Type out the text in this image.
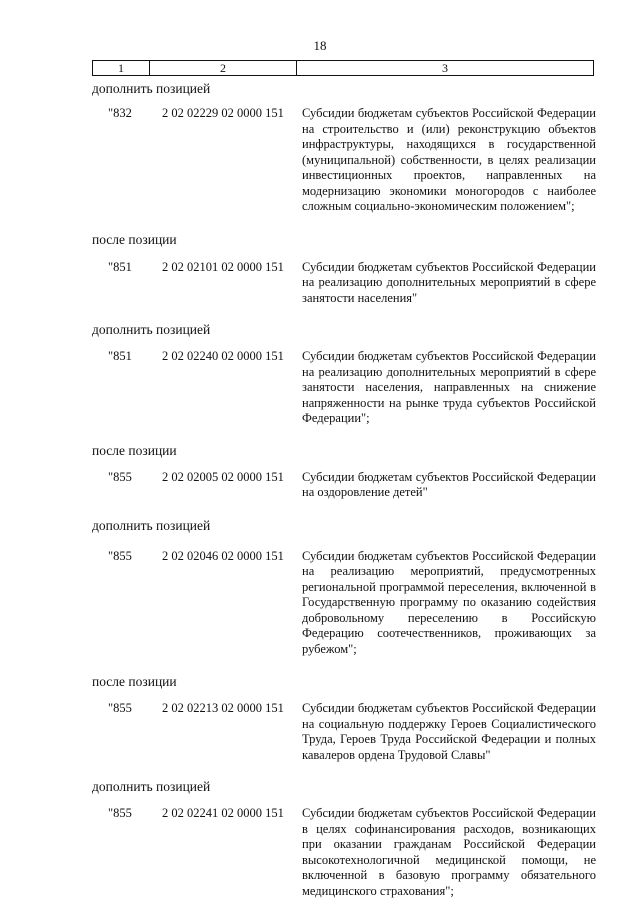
18
1	2	3

дополнить позицией

"832	2 02 02229 02 0000 151	Субсидии бюджетам субъектов Российской Федерации на строительство и (или) реконструкцию объектов инфраструктуры, находящихся в государственной (муниципальной) собственности, в целях реализации инвестиционных проектов, направленных на модернизацию экономики моногородов с наиболее сложным социально-экономическим положением";

после позиции

"851	2 02 02101 02 0000 151	Субсидии бюджетам субъектов Российской Федерации на реализацию дополнительных мероприятий в сфере занятости населения"

дополнить позицией

"851	2 02 02240 02 0000 151	Субсидии бюджетам субъектов Российской Федерации на реализацию дополнительных мероприятий в сфере занятости населения, направленных на снижение напряженности на рынке труда субъектов Российской Федерации";

после позиции

"855	2 02 02005 02 0000 151	Субсидии бюджетам субъектов Российской Федерации на оздоровление детей"

дополнить позицией

"855	2 02 02046 02 0000 151	Субсидии бюджетам субъектов Российской Федерации на реализацию мероприятий, предусмотренных региональной программой переселения, включенной в Государственную программу по оказанию содействия добровольному переселению в Российскую Федерацию соотечественников, проживающих за рубежом";

после позиции

"855	2 02 02213 02 0000 151	Субсидии бюджетам субъектов Российской Федерации на социальную поддержку Героев Социалистического Труда, Героев Труда Российской Федерации и полных кавалеров ордена Трудовой Славы"

дополнить позицией

"855	2 02 02241 02 0000 151	Субсидии бюджетам субъектов Российской Федерации в целях софинансирования расходов, возникающих при оказании гражданам Российской Федерации высокотехнологичной медицинской помощи, не включенной в базовую программу обязательного медицинского страхования";
